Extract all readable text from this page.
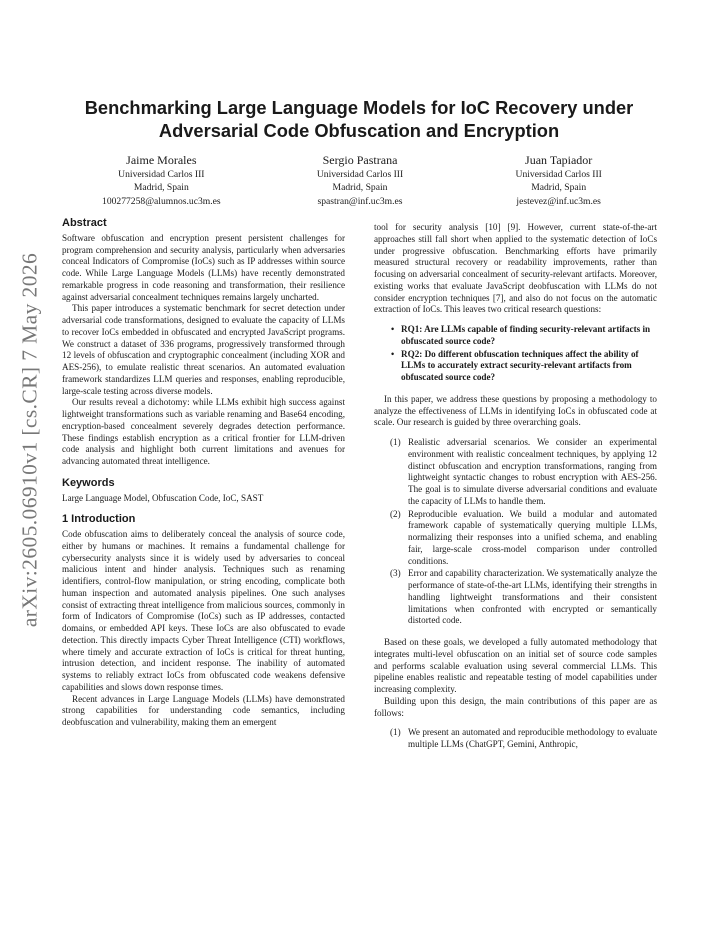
arXiv:2605.06910v1 [cs.CR] 7 May 2026
Benchmarking Large Language Models for IoC Recovery under Adversarial Code Obfuscation and Encryption
Jaime Morales
Universidad Carlos III
Madrid, Spain
100277258@alumnos.uc3m.es
Sergio Pastrana
Universidad Carlos III
Madrid, Spain
spastran@inf.uc3m.es
Juan Tapiador
Universidad Carlos III
Madrid, Spain
jestevez@inf.uc3m.es
Abstract

Software obfuscation and encryption present persistent challenges for program comprehension and security analysis, particularly when adversaries conceal Indicators of Compromise (IoCs) such as IP addresses within source code. While Large Language Models (LLMs) have recently demonstrated remarkable progress in code reasoning and transformation, their resilience against adversarial concealment techniques remains largely uncharted.

This paper introduces a systematic benchmark for secret detection under adversarial code transformations, designed to evaluate the capacity of LLMs to recover IoCs embedded in obfuscated and encrypted JavaScript programs. We construct a dataset of 336 programs, progressively transformed through 12 levels of obfuscation and cryptographic concealment (including XOR and AES-256), to emulate realistic threat scenarios. An automated evaluation framework standardizes LLM queries and responses, enabling reproducible, large-scale testing across diverse models.

Our results reveal a dichotomy: while LLMs exhibit high success against lightweight transformations such as variable renaming and Base64 encoding, encryption-based concealment severely degrades detection performance. These findings establish encryption as a critical frontier for LLM-driven code analysis and highlight both current limitations and avenues for advancing automated threat intelligence.

Keywords

Large Language Model, Obfuscation Code, IoC, SAST

1 Introduction

Code obfuscation aims to deliberately conceal the analysis of source code, either by humans or machines. It remains a fundamental challenge for cybersecurity analysts since it is widely used by adversaries to conceal malicious intent and hinder analysis. Techniques such as renaming identifiers, control-flow manipulation, or string encoding, complicate both human inspection and automated analysis pipelines. One such analyses consist of extracting threat intelligence from malicious sources, commonly in form of Indicators of Compromise (IoCs) such as IP addresses, contacted domains, or embedded API keys. These IoCs are also obfuscated to evade detection. This directly impacts Cyber Threat Intelligence (CTI) workflows, where timely and accurate extraction of IoCs is critical for threat hunting, intrusion detection, and incident response. The inability of automated systems to reliably extract IoCs from obfuscated code weakens defensive capabilities and slows down response times.

Recent advances in Large Language Models (LLMs) have demonstrated strong capabilities for understanding code semantics, including deobfuscation and vulnerability, making them an emergent

tool for security analysis [10] [9]. However, current state-of-the-art approaches still fall short when applied to the systematic detection of IoCs under progressive obfuscation. Benchmarking efforts have primarily measured structural recovery or readability improvements, rather than focusing on adversarial concealment of security-relevant artifacts. Moreover, existing works that evaluate JavaScript deobfuscation with LLMs do not consider encryption techniques [7], and also do not focus on the automatic extraction of IoCs. This leaves two critical research questions:

• RQ1: Are LLMs capable of finding security-relevant artifacts in obfuscated source code?
• RQ2: Do different obfuscation techniques affect the ability of LLMs to accurately extract security-relevant artifacts from obfuscated source code?

In this paper, we address these questions by proposing a methodology to analyze the effectiveness of LLMs in identifying IoCs in obfuscated code at scale. Our research is guided by three overarching goals.

(1) Realistic adversarial scenarios. We consider an experimental environment with realistic concealment techniques, by applying 12 distinct obfuscation and encryption transformations, ranging from lightweight syntactic changes to robust encryption with AES-256. The goal is to simulate diverse adversarial conditions and evaluate the capacity of LLMs to handle them.
(2) Reproducible evaluation. We build a modular and automated framework capable of systematically querying multiple LLMs, normalizing their responses into a unified schema, and enabling fair, large-scale cross-model comparison under controlled conditions.
(3) Error and capability characterization. We systematically analyze the performance of state-of-the-art LLMs, identifying their strengths in handling lightweight transformations and their consistent limitations when confronted with encrypted or semantically distorted code.

Based on these goals, we developed a fully automated methodology that integrates multi-level obfuscation on an initial set of source code samples and performs scalable evaluation using several commercial LLMs. This pipeline enables realistic and repeatable testing of model capabilities under increasing complexity.

Building upon this design, the main contributions of this paper are as follows:

(1) We present an automated and reproducible methodology to evaluate multiple LLMs (ChatGPT, Gemini, Anthropic,
